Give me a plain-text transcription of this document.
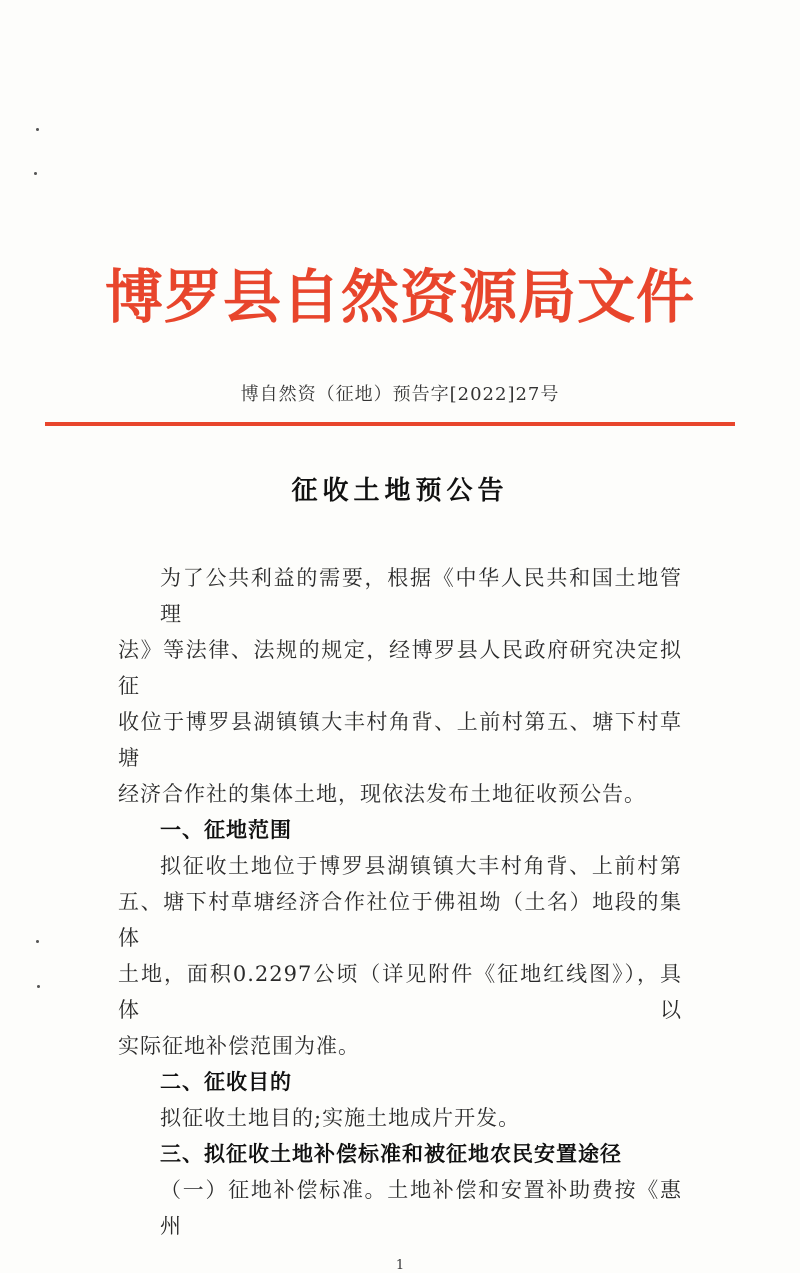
博罗县自然资源局文件
博自然资（征地）预告字[2022]27号
征收土地预公告
为了公共利益的需要，根据《中华人民共和国土地管理
法》等法律、法规的规定，经博罗县人民政府研究决定拟征
收位于博罗县湖镇镇大丰村角背、上前村第五、塘下村草塘
经济合作社的集体土地，现依法发布土地征收预公告。
一、征地范围
拟征收土地位于博罗县湖镇镇大丰村角背、上前村第
五、塘下村草塘经济合作社位于佛祖坳（土名）地段的集体
土地，面积0.2297公顷（详见附件《征地红线图》），具体以
实际征地补偿范围为准。
二、征收目的
拟征收土地目的;实施土地成片开发。
三、拟征收土地补偿标准和被征地农民安置途径
（一）征地补偿标准。土地补偿和安置补助费按《惠州
1
